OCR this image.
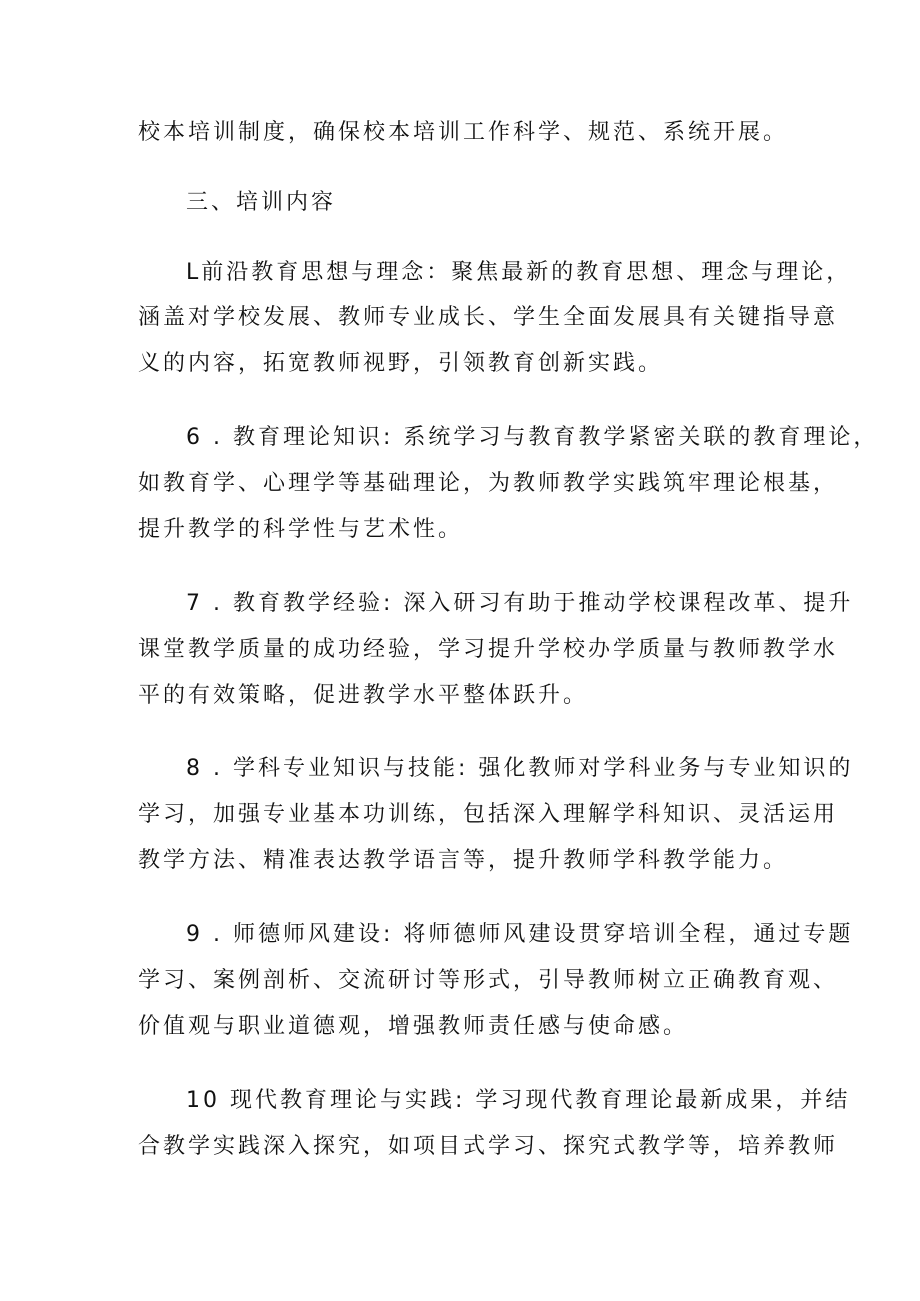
校本培训制度，确保校本培训工作科学、规范、系统开展。
三、培训内容
L前沿教育思想与理念：聚焦最新的教育思想、理念与理论，
涵盖对学校发展、教师专业成长、学生全面发展具有关键指导意
义的内容，拓宽教师视野，引领教育创新实践。
6 . 教育理论知识: 系统学习与教育教学紧密关联的教育理论，
如教育学、心理学等基础理论，为教师教学实践筑牢理论根基，
提升教学的科学性与艺术性。
7 . 教育教学经验: 深入研习有助于推动学校课程改革、提升
课堂教学质量的成功经验，学习提升学校办学质量与教师教学水
平的有效策略，促进教学水平整体跃升。
8 . 学科专业知识与技能: 强化教师对学科业务与专业知识的
学习，加强专业基本功训练，包括深入理解学科知识、灵活运用
教学方法、精准表达教学语言等，提升教师学科教学能力。
9 . 师德师风建设: 将师德师风建设贯穿培训全程，通过专题
学习、案例剖析、交流研讨等形式，引导教师树立正确教育观、
价值观与职业道德观，增强教师责任感与使命感。
10 现代教育理论与实践: 学习现代教育理论最新成果，并结
合教学实践深入探究，如项目式学习、探究式教学等，培养教师
